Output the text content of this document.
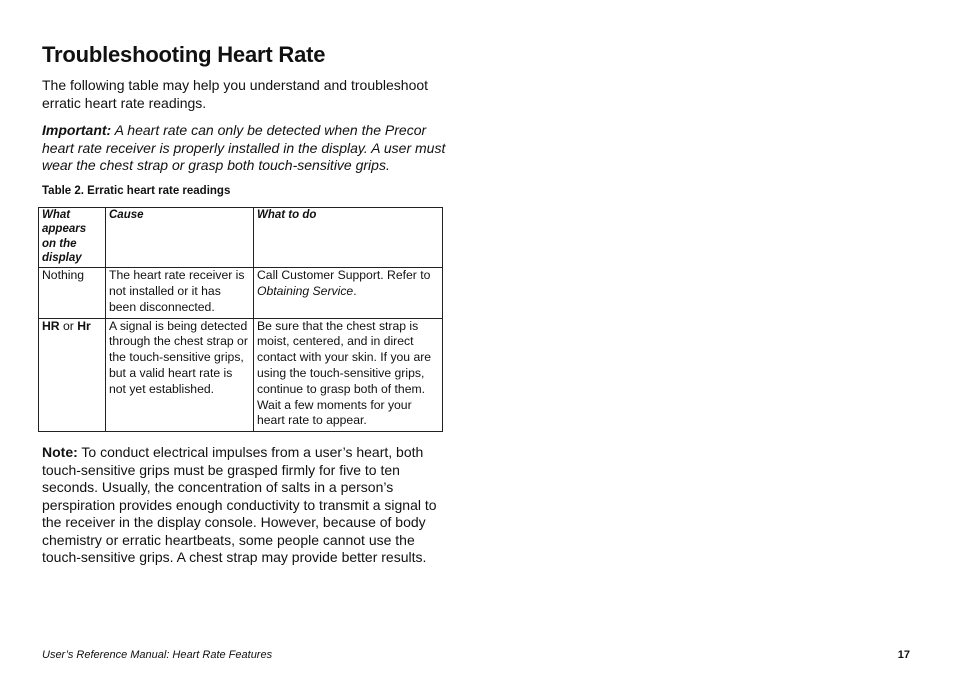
Troubleshooting Heart Rate

The following table may help you understand and troubleshoot erratic heart rate readings.

Important: A heart rate can only be detected when the Precor heart rate receiver is properly installed in the display. A user must wear the chest strap or grasp both touch-sensitive grips.

Table 2. Erratic heart rate readings

What appears on the display	Cause	What to do
Nothing	The heart rate receiver is not installed or it has been disconnected.	Call Customer Support. Refer to Obtaining Service.
HR or Hr	A signal is being detected through the chest strap or the touch-sensitive grips, but a valid heart rate is not yet established.	Be sure that the chest strap is moist, centered, and in direct contact with your skin. If you are using the touch-sensitive grips, continue to grasp both of them. Wait a few moments for your heart rate to appear.

Note: To conduct electrical impulses from a user’s heart, both touch-sensitive grips must be grasped firmly for five to ten seconds. Usually, the concentration of salts in a person’s perspiration provides enough conductivity to transmit a signal to the receiver in the display console. However, because of body chemistry or erratic heartbeats, some people cannot use the touch-sensitive grips. A chest strap may provide better results.

User’s Reference Manual: Heart Rate Features	17
